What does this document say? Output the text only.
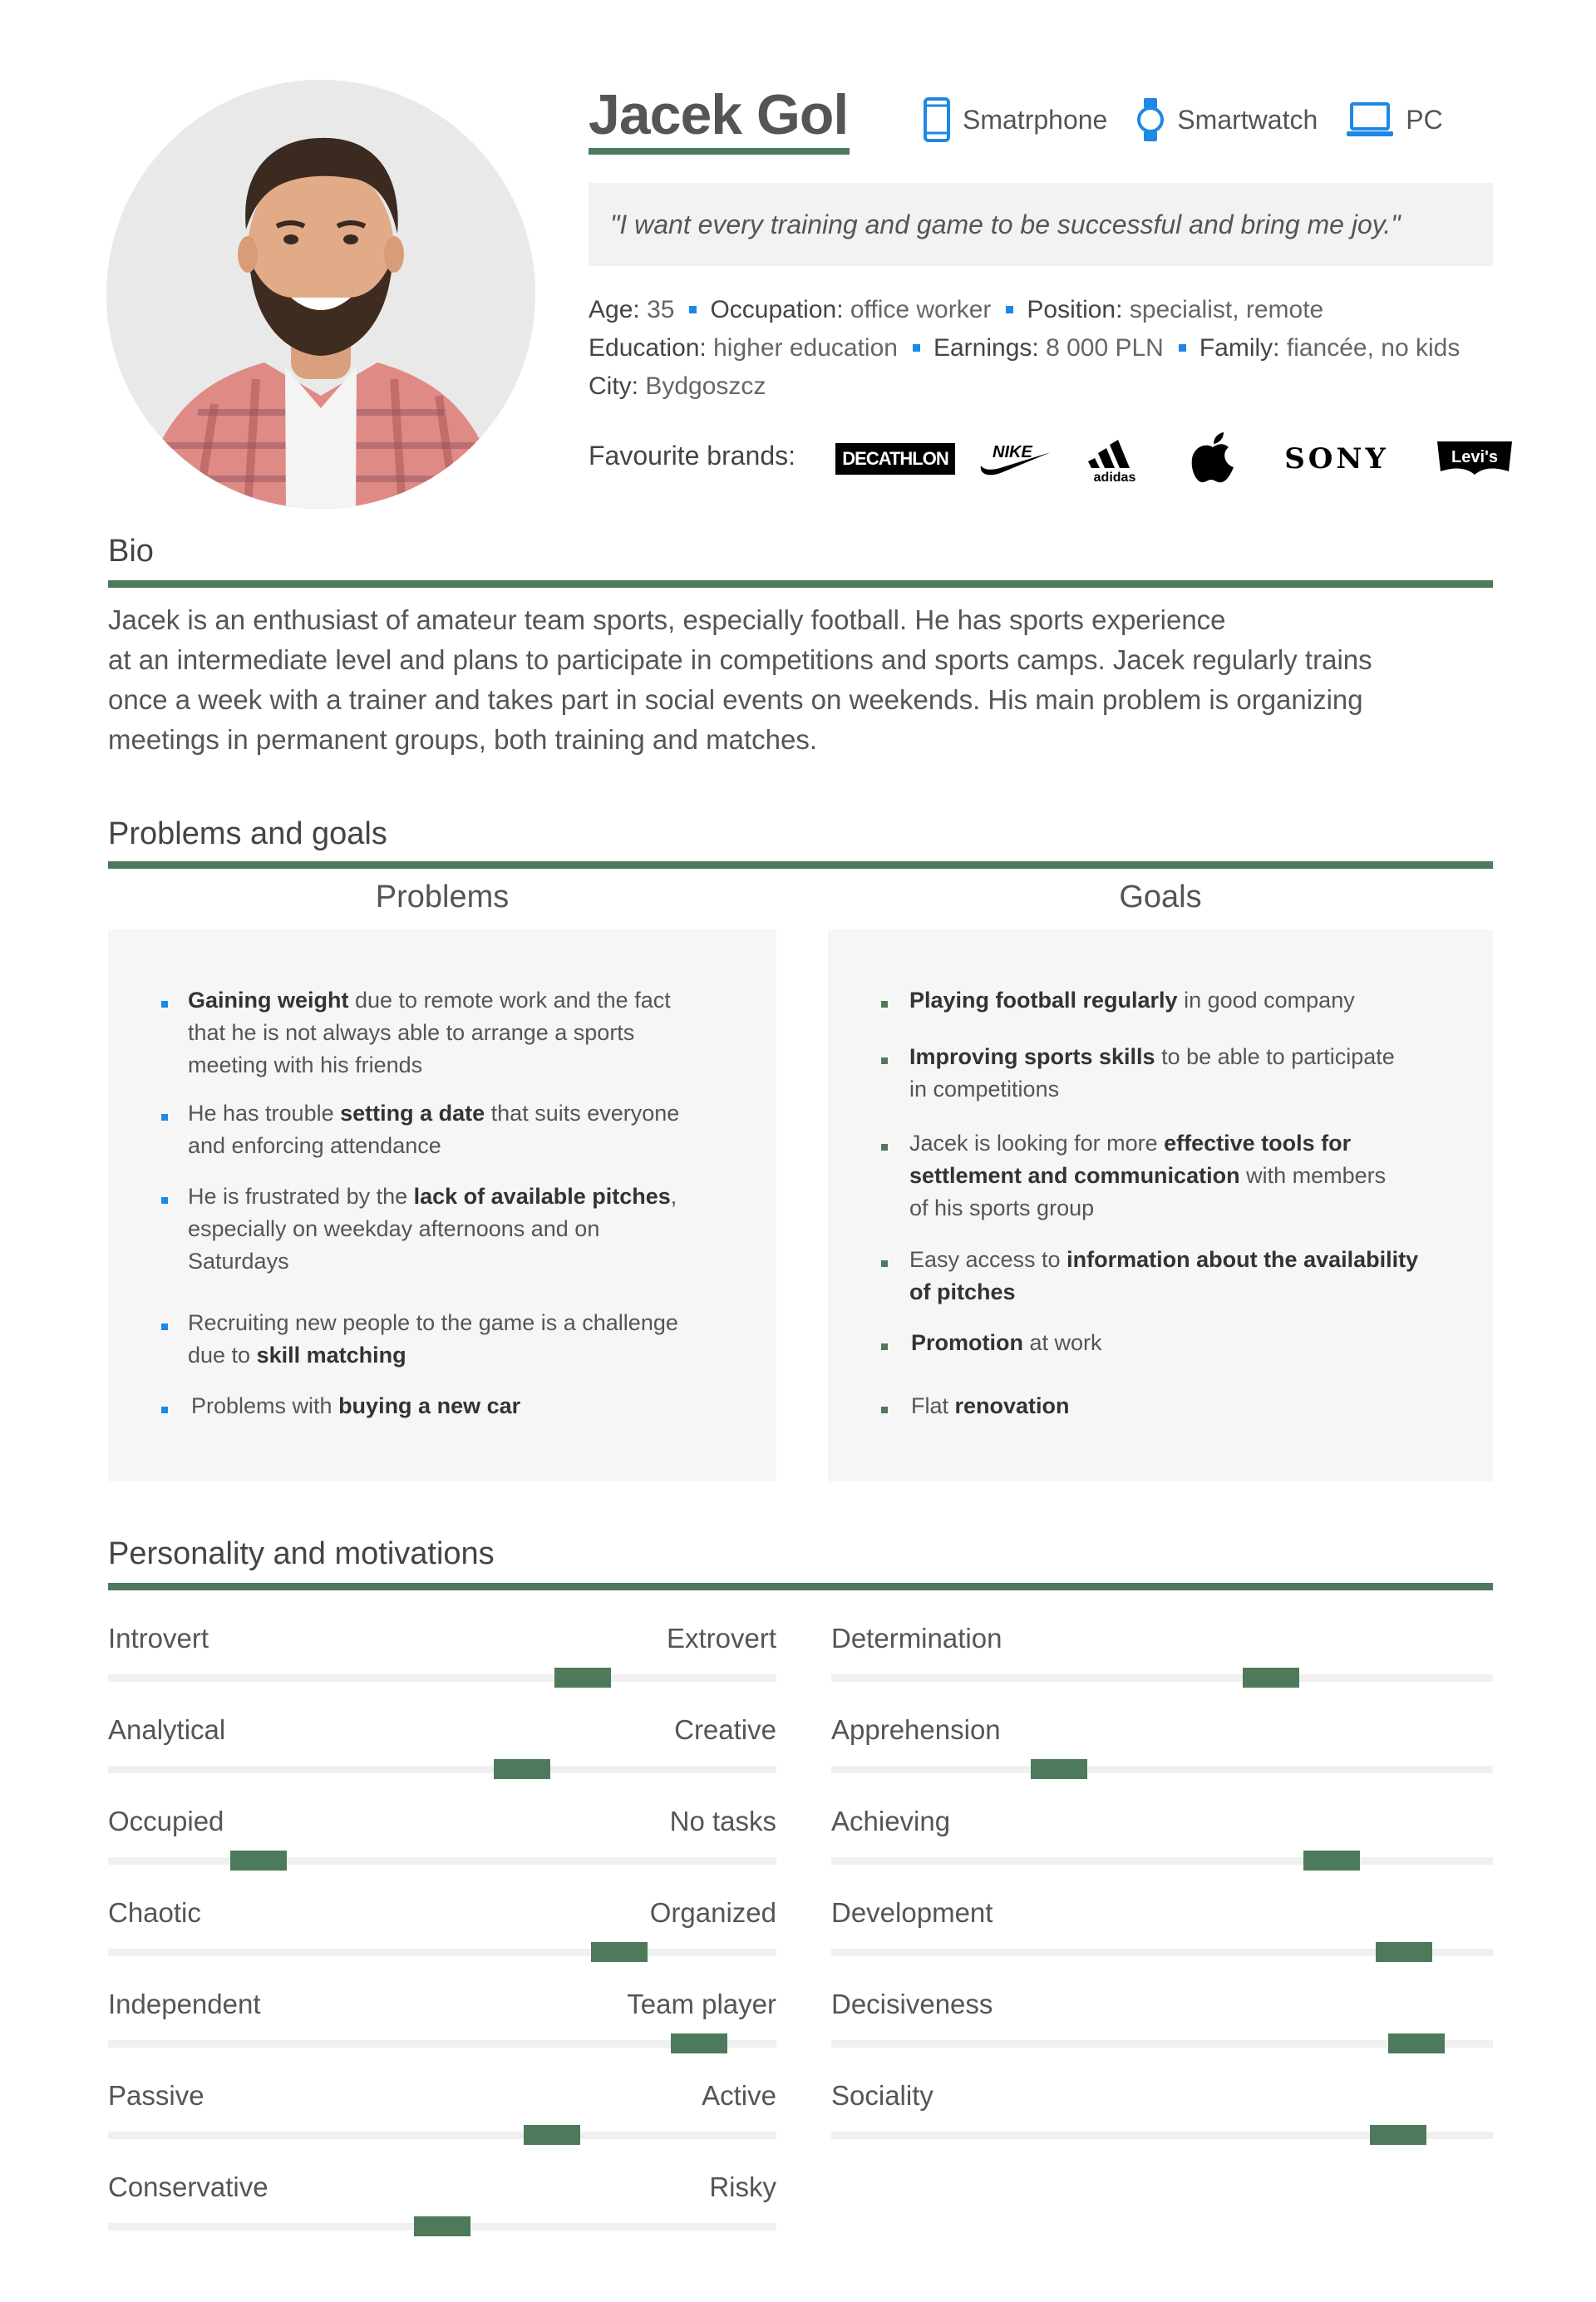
Jacek Gol	Smatrphone	Smartwatch	PC
"I want every training and game to be successful and bring me joy."
Age: 35 Occupation: office worker Position: specialist, remote
Education: higher education Earnings: 8 000 PLN Family: fiancée, no kids
City: Bydgoszcz
Favourite brands:	DECATHLON	NIKE
adidas
SONY	Levi's
Bio
Jacek is an enthusiast of amateur team sports, especially football. He has sports experience
at an intermediate level and plans to participate in competitions and sports camps. Jacek regularly trains
once a week with a trainer and takes part in social events on weekends. His main problem is organizing
meetings in permanent groups, both training and matches.
Problems and goals
Problems	Goals
Gaining weight due to remote work and the fact
that he is not always able to arrange a sports
meeting with his friends
He has trouble setting a date that suits everyone
and enforcing attendance
He is frustrated by the lack of available pitches,
especially on weekday afternoons and on
Saturdays
Recruiting new people to the game is a challenge
due to skill matching
Problems with buying a new car
Playing football regularly in good company
Improving sports skills to be able to participate
in competitions
Jacek is looking for more effective tools for
settlement and communication with members
of his sports group
Easy access to information about the availability
of pitches
Promotion at work
Flat renovation
Personality and motivations
Introvert	Extrovert
Analytical	Creative
Occupied	No tasks
Chaotic	Organized
Independent	Team player
Passive	Active
Conservative	Risky
Determination
Apprehension
Achieving
Development
Decisiveness
Sociality
